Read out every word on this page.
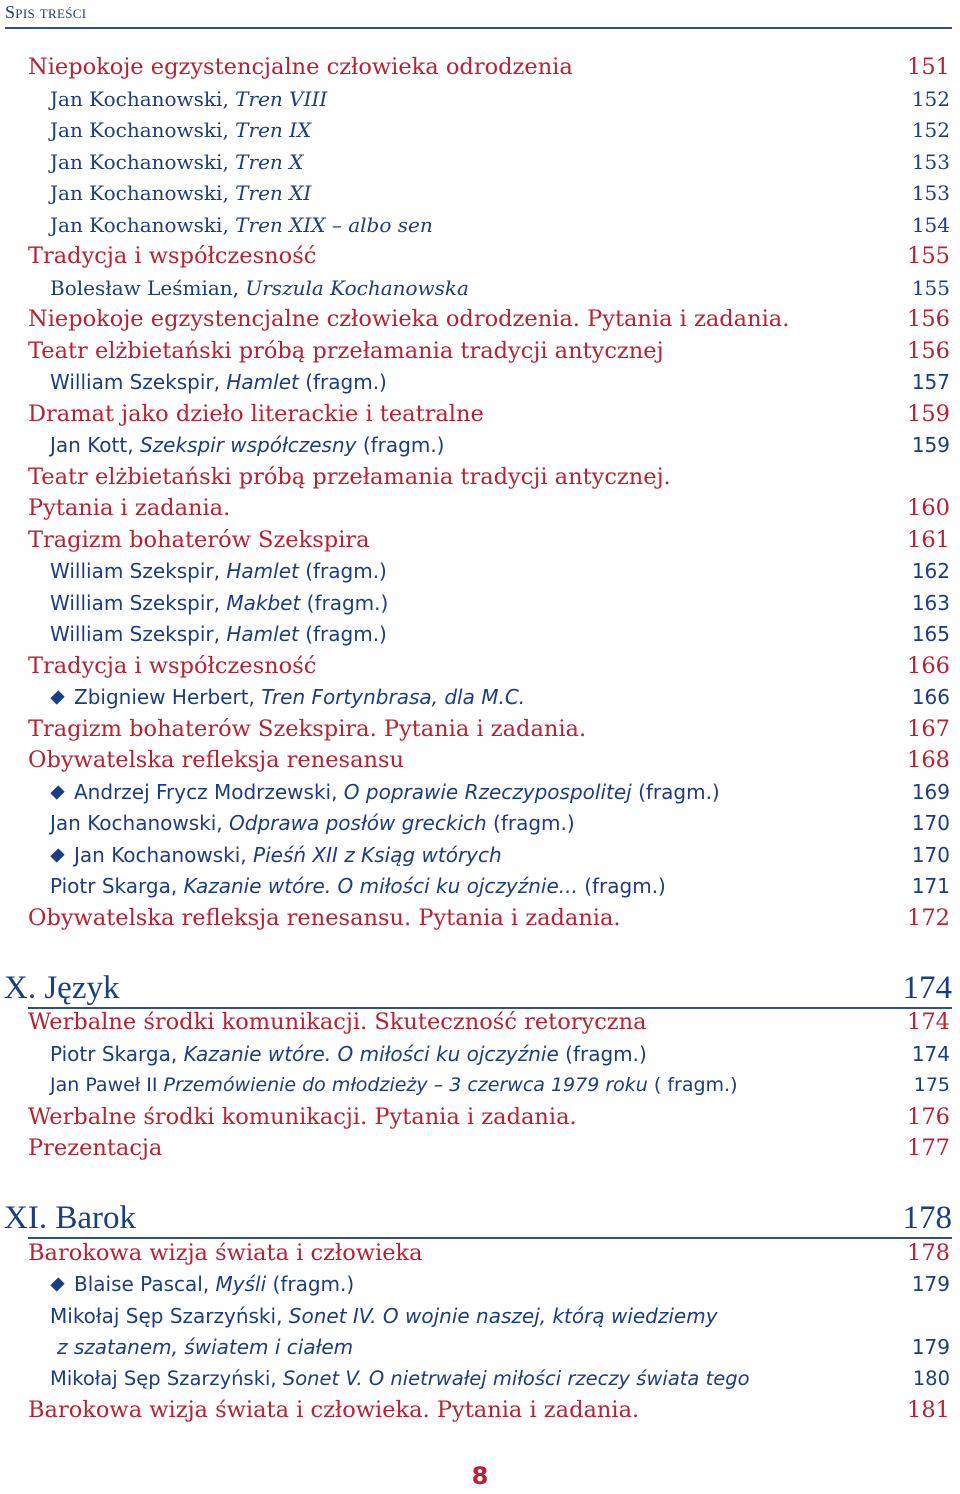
Spis treści
Niepokoje egzystencjalne człowieka odrodzenia	151
Jan Kochanowski, Tren VIII	152
Jan Kochanowski, Tren IX	152
Jan Kochanowski, Tren X	153
Jan Kochanowski, Tren XI	153
Jan Kochanowski, Tren XIX – albo sen	154
Tradycja i współczesność	155
Bolesław Leśmian, Urszula Kochanowska	155
Niepokoje egzystencjalne człowieka odrodzenia. Pytania i zadania.	156
Teatr elżbietański próbą przełamania tradycji antycznej	156
William Szekspir, Hamlet (fragm.)	157
Dramat jako dzieło literackie i teatralne	159
Jan Kott, Szekspir współczesny (fragm.)	159
Teatr elżbietański próbą przełamania tradycji antycznej.
Pytania i zadania.	160
Tragizm bohaterów Szekspira	161
William Szekspir, Hamlet (fragm.)	162
William Szekspir, Makbet (fragm.)	163
William Szekspir, Hamlet (fragm.)	165
Tradycja i współczesność	166
Zbigniew Herbert, Tren Fortynbrasa, dla M.C.	166
Tragizm bohaterów Szekspira. Pytania i zadania.	167
Obywatelska refleksja renesansu	168
Andrzej Frycz Modrzewski, O poprawie Rzeczypospolitej (fragm.)	169
Jan Kochanowski, Odprawa posłów greckich (fragm.)	170
Jan Kochanowski, Pieśń XII z Ksiąg wtórych	170
Piotr Skarga, Kazanie wtóre. O miłości ku ojczyźnie... (fragm.)	171
Obywatelska refleksja renesansu. Pytania i zadania.	172
X. Język	174
Werbalne środki komunikacji. Skuteczność retoryczna	174
Piotr Skarga, Kazanie wtóre. O miłości ku ojczyźnie (fragm.)	174
Jan Paweł II Przemówienie do młodzieży – 3 czerwca 1979 roku ( fragm.)	175
Werbalne środki komunikacji. Pytania i zadania.	176
Prezentacja	177
XI. Barok	178
Barokowa wizja świata i człowieka	178
Blaise Pascal, Myśli (fragm.)	179
Mikołaj Sęp Szarzyński, Sonet IV. O wojnie naszej, którą wiedziemy
z szatanem, światem i ciałem	179
Mikołaj Sęp Szarzyński, Sonet V. O nietrwałej miłości rzeczy świata tego	180
Barokowa wizja świata i człowieka. Pytania i zadania.	181
8
